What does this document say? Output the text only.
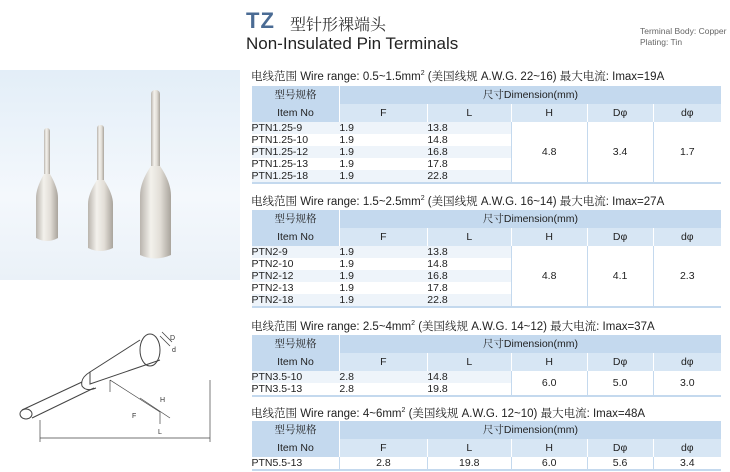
TZ 型针形裸端头
Non-Insulated Pin Terminals
Terminal Body: Copper
Plating: Tin
D
d
H
F
L
电线范围 Wire range: $0.5\sim 1.5mm^2$ (美国线规 A.W.G. 22~16) 最大电流: Imax=19A
型号规格	尺寸Dimension(mm)				
Item No	F	L	H	Dφ	dφ
PTN1.25-9	1.9	13.8	4.8	3.4	1.7
PTN1.25-10	1.9	14.8			
PTN1.25-12	1.9	16.8			
PTN1.25-13	1.9	17.8			
PTN1.25-18	1.9	22.8			
电线范围 Wire range: $1.5\sim 2.5mm^2$ (美国线规 A.W.G. 16~14) 最大电流: Imax=27A
型号规格	尺寸Dimension(mm)				
Item No	F	L	H	Dφ	dφ
PTN2-9	1.9	13.8	4.8	4.1	2.3
PTN2-10	1.9	14.8			
PTN2-12	1.9	16.8			
PTN2-13	1.9	17.8			
PTN2-18	1.9	22.8			
电线范围 Wire range: $2.5\sim 4mm^2$ (美国线规 A.W.G. 14~12) 最大电流: Imax=37A
型号规格	尺寸Dimension(mm)				
Item No	F	L	H	Dφ	dφ
PTN3.5-10	2.8	14.8	6.0	5.0	3.0
PTN3.5-13	2.8	19.8			
电线范围 Wire range: $4\sim 6mm^2$ (美国线规 A.W.G. 12~10) 最大电流: Imax=48A
型号规格	尺寸Dimension(mm)				
Item No	F	L	H	Dφ	dφ
PTN5.5-13	2.8	19.8	6.0	5.6	3.4
